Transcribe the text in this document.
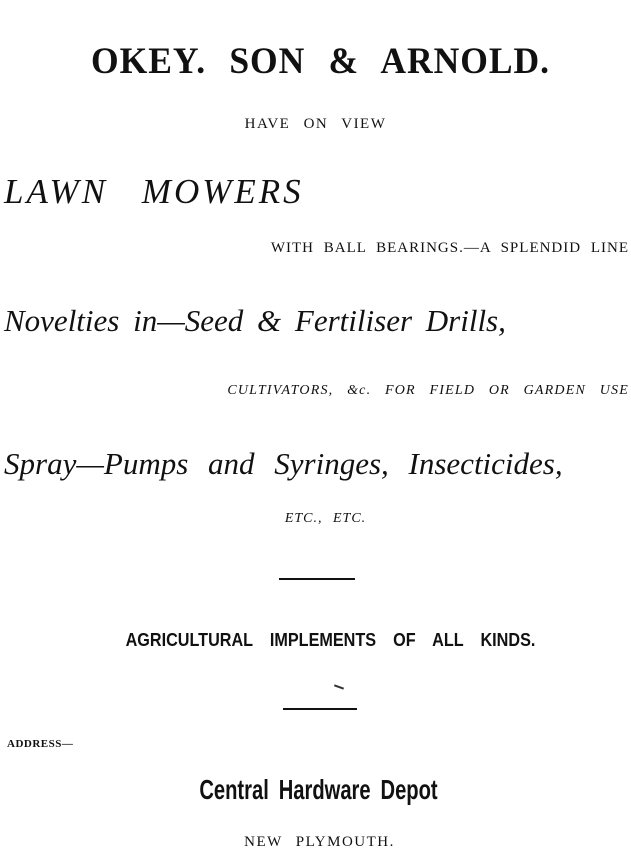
OKEY. SON & ARNOLD.
HAVE ON VIEW
LAWN MOWERS
WITH BALL BEARINGS.—A SPLENDID LINE
Novelties in—Seed & Fertiliser Drills,
CULTIVATORS, &c. FOR FIELD OR GARDEN USE
Spray—Pumps and Syringes, Insecticides,
ETC., ETC.
AGRICULTURAL IMPLEMENTS OF ALL KINDS.
ADDRESS—
Central Hardware Depot
NEW PLYMOUTH.
